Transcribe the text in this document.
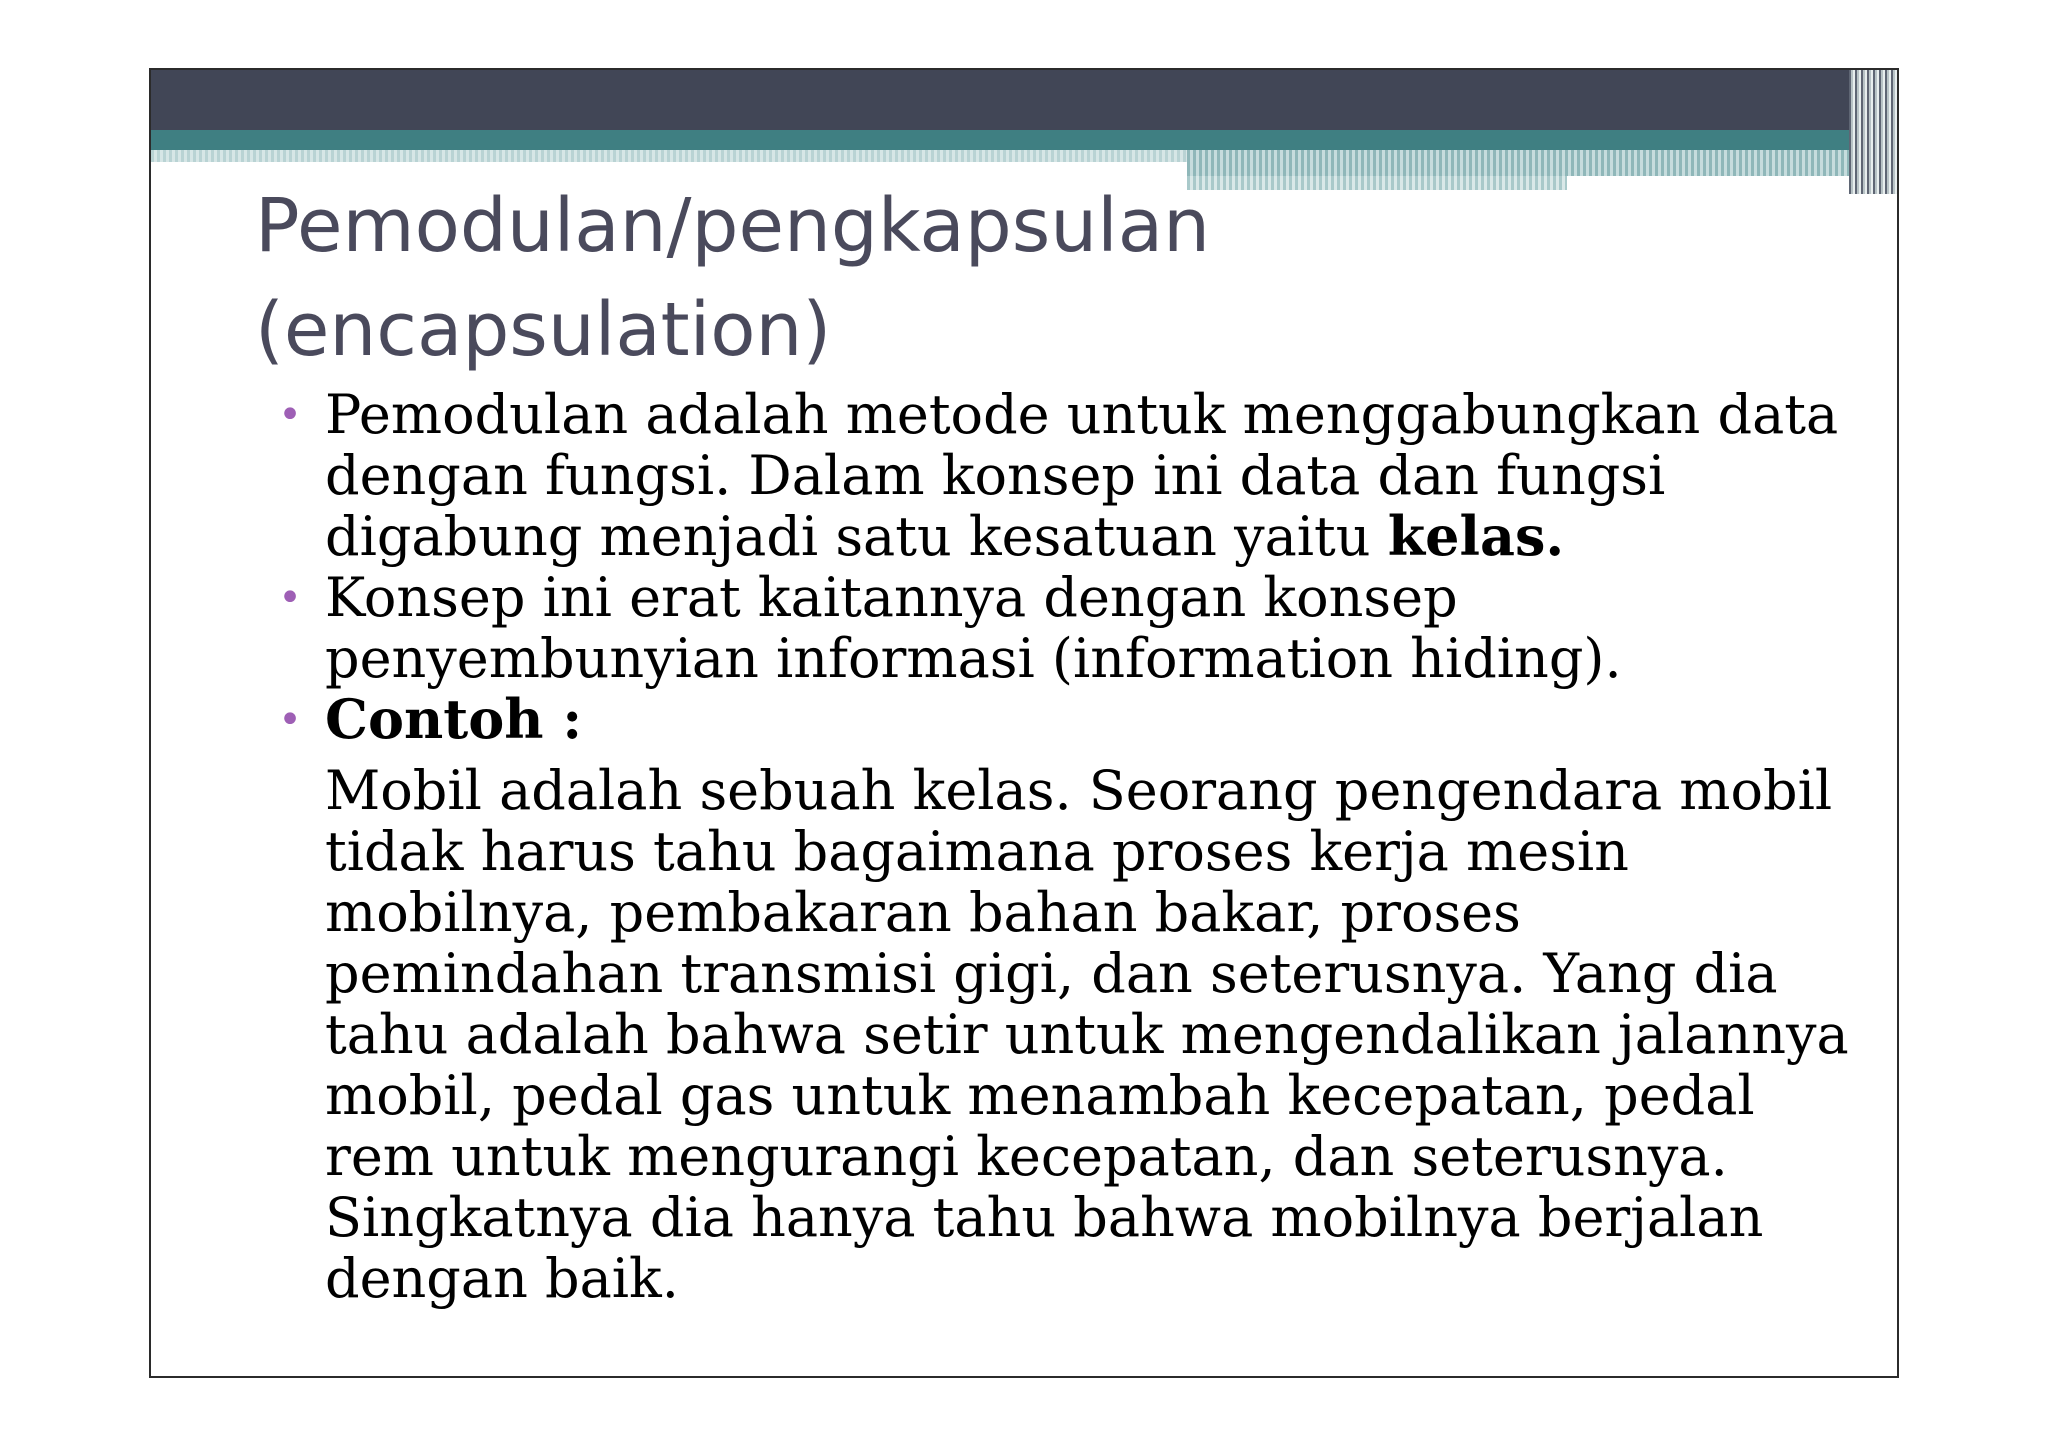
Pemodulan/pengkapsulan (encapsulation)
• Pemodulan adalah metode untuk menggabungkan data dengan fungsi. Dalam konsep ini data dan fungsi digabung menjadi satu kesatuan yaitu kelas.
• Konsep ini erat kaitannya dengan konsep penyembunyian informasi (information hiding).
• Contoh :
Mobil adalah sebuah kelas. Seorang pengendara mobil tidak harus tahu bagaimana proses kerja mesin mobilnya, pembakaran bahan bakar, proses pemindahan transmisi gigi, dan seterusnya. Yang dia tahu adalah bahwa setir untuk mengendalikan jalannya mobil, pedal gas untuk menambah kecepatan, pedal rem untuk mengurangi kecepatan, dan seterusnya. Singkatnya dia hanya tahu bahwa mobilnya berjalan dengan baik.
